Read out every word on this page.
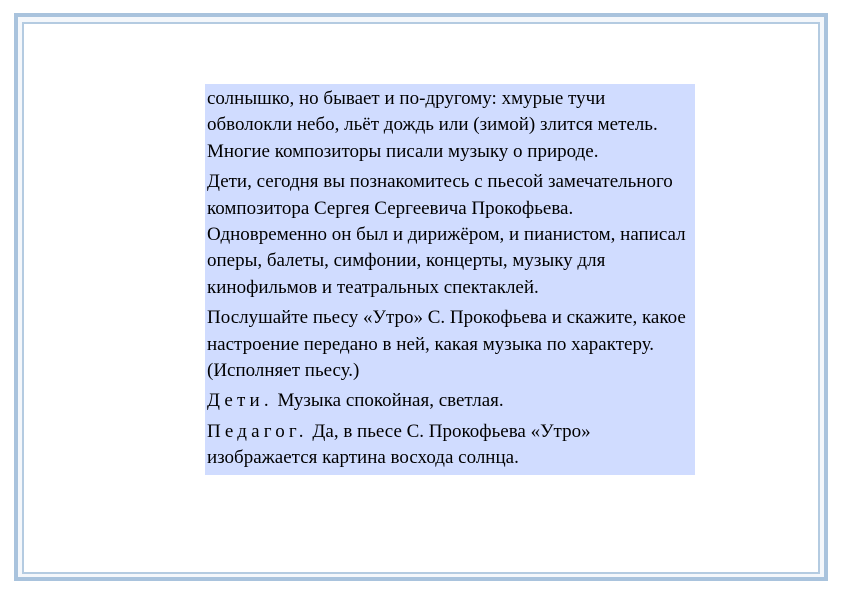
солнышко, но бывает и по-другому: хмурые тучи обволокли небо, льёт дождь или (зимой) злится метель. Многие композиторы писали музыку о природе.

Дети, сегодня вы познакомитесь с пьесой замечательного композитора Сергея Сергеевича Прокофьева. Одновременно он был и дирижёром, и пианистом, написал оперы, балеты, симфонии, концерты, музыку для кинофильмов и театральных спектаклей.

Послушайте пьесу «Утро» С. Прокофьева и скажите, какое настроение передано в ней, какая музыка по характеру. (Исполняет пьесу.)

Дети. Музыка спокойная, светлая.

Педагог. Да, в пьесе С. Прокофьева «Утро» изображается картина восхода солнца.
